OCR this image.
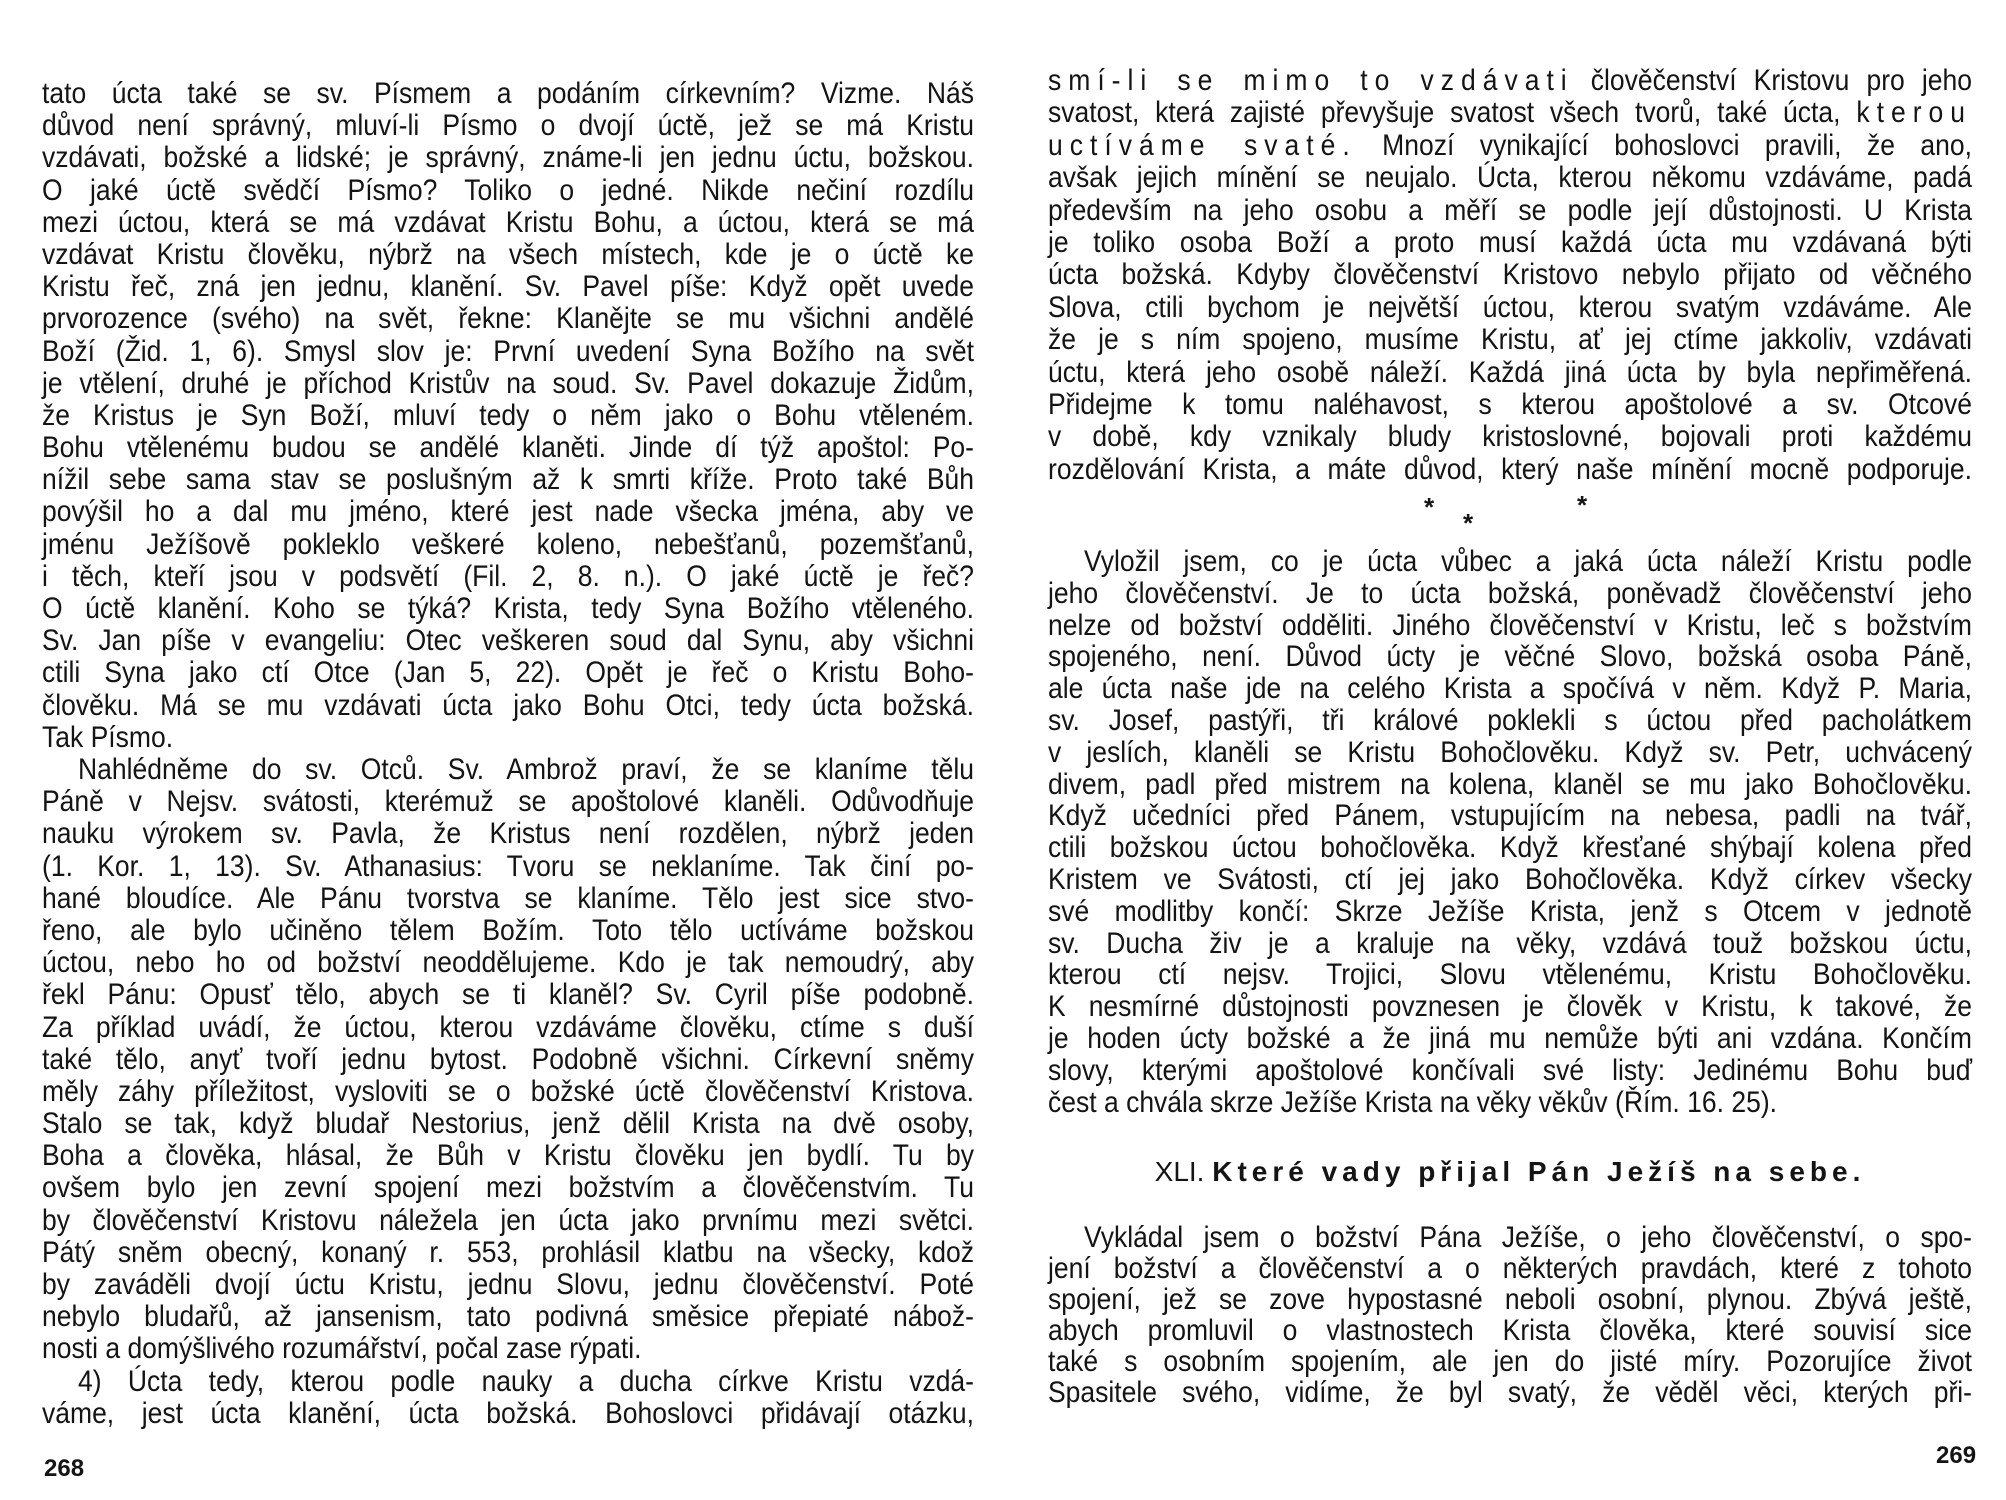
tato úcta také se sv. Písmem a podáním církevním? Vizme. Náš
důvod není správný, mluví-li Písmo o dvojí úctě, jež se má Kristu
vzdávati, božské a lidské; je správný, známe-li jen jednu úctu, božskou.
O jaké úctě svědčí Písmo? Toliko o jedné. Nikde nečiní rozdílu
mezi úctou, která se má vzdávat Kristu Bohu, a úctou, která se má
vzdávat Kristu člověku, nýbrž na všech místech, kde je o úctě ke
Kristu řeč, zná jen jednu, klanění. Sv. Pavel píše: Když opět uvede
prvorozence (svého) na svět, řekne: Klanějte se mu všichni andělé
Boží (Žid. 1, 6). Smysl slov je: První uvedení Syna Božího na svět
je vtělení, druhé je příchod Kristův na soud. Sv. Pavel dokazuje Židům,
že Kristus je Syn Boží, mluví tedy o něm jako o Bohu vtěleném.
Bohu vtělenému budou se andělé klaněti. Jinde dí týž apoštol: Po-
nížil sebe sama stav se poslušným až k smrti kříže. Proto také Bůh
povýšil ho a dal mu jméno, které jest nade všecka jména, aby ve
jménu Ježíšově pokleklo veškeré koleno, nebešťanů, pozemšťanů,
i těch, kteří jsou v podsvětí (Fil. 2, 8. n.). O jaké úctě je řeč?
O úctě klanění. Koho se týká? Krista, tedy Syna Božího vtěleného.
Sv. Jan píše v evangeliu: Otec veškeren soud dal Synu, aby všichni
ctili Syna jako ctí Otce (Jan 5, 22). Opět je řeč o Kristu Boho-
člověku. Má se mu vzdávati úcta jako Bohu Otci, tedy úcta božská.
Tak Písmo.
Nahlédněme do sv. Otců. Sv. Ambrož praví, že se klaníme tělu
Páně v Nejsv. svátosti, kterémuž se apoštolové klaněli. Odůvodňuje
nauku výrokem sv. Pavla, že Kristus není rozdělen, nýbrž jeden
(1. Kor. 1, 13). Sv. Athanasius: Tvoru se neklaníme. Tak činí po-
hané bloudíce. Ale Pánu tvorstva se klaníme. Tělo jest sice stvo-
řeno, ale bylo učiněno tělem Božím. Toto tělo uctíváme božskou
úctou, nebo ho od božství neoddělujeme. Kdo je tak nemoudrý, aby
řekl Pánu: Opusť tělo, abych se ti klaněl? Sv. Cyril píše podobně.
Za příklad uvádí, že úctou, kterou vzdáváme člověku, ctíme s duší
také tělo, anyť tvoří jednu bytost. Podobně všichni. Církevní sněmy
měly záhy příležitost, vysloviti se o božské úctě člověčenství Kristova.
Stalo se tak, když bludař Nestorius, jenž dělil Krista na dvě osoby,
Boha a člověka, hlásal, že Bůh v Kristu člověku jen bydlí. Tu by
ovšem bylo jen zevní spojení mezi božstvím a člověčenstvím. Tu
by člověčenství Kristovu náležela jen úcta jako prvnímu mezi světci.
Pátý sněm obecný, konaný r. 553, prohlásil klatbu na všecky, kdož
by zaváděli dvojí úctu Kristu, jednu Slovu, jednu člověčenství. Poté
nebylo bludařů, až jansenism, tato podivná směsice přepiaté nábož-
nosti a domýšlivého rozumářství, počal zase rýpati.
4) Úcta tedy, kterou podle nauky a ducha církve Kristu vzdá-
váme, jest úcta klanění, úcta božská. Bohoslovci přidávají otázku,
268
smí-li se mimo to vzdávati člověčenství Kristovu pro jeho
svatost, která zajisté převyšuje svatost všech tvorů, také úcta, kterou
uctíváme svaté. Mnozí vynikající bohoslovci pravili, že ano,
avšak jejich mínění se neujalo. Úcta, kterou někomu vzdáváme, padá
především na jeho osobu a měří se podle její důstojnosti. U Krista
je toliko osoba Boží a proto musí každá úcta mu vzdávaná býti
úcta božská. Kdyby člověčenství Kristovo nebylo přijato od věčného
Slova, ctili bychom je největší úctou, kterou svatým vzdáváme. Ale
že je s ním spojeno, musíme Kristu, ať jej ctíme jakkoliv, vzdávati
úctu, která jeho osobě náleží. Každá jiná úcta by byla nepřiměřená.
Přidejme k tomu naléhavost, s kterou apoštolové a sv. Otcové
v době, kdy vznikaly bludy kristoslovné, bojovali proti každému
rozdělování Krista, a máte důvod, který naše mínění mocně podporuje.
Vyložil jsem, co je úcta vůbec a jaká úcta náleží Kristu podle
jeho člověčenství. Je to úcta božská, poněvadž člověčenství jeho
nelze od božství odděliti. Jiného člověčenství v Kristu, leč s božstvím
spojeného, není. Důvod úcty je věčné Slovo, božská osoba Páně,
ale úcta naše jde na celého Krista a spočívá v něm. Když P. Maria,
sv. Josef, pastýři, tři králové poklekli s úctou před pacholátkem
v jeslích, klaněli se Kristu Bohočlověku. Když sv. Petr, uchvácený
divem, padl před mistrem na kolena, klaněl se mu jako Bohočlověku.
Když učedníci před Pánem, vstupujícím na nebesa, padli na tvář,
ctili božskou úctou bohočlověka. Když křesťané shýbají kolena před
Kristem ve Svátosti, ctí jej jako Bohočlověka. Když církev všecky
své modlitby končí: Skrze Ježíše Krista, jenž s Otcem v jednotě
sv. Ducha živ je a kraluje na věky, vzdává touž božskou úctu,
kterou ctí nejsv. Trojici, Slovu vtělenému, Kristu Bohočlověku.
K nesmírné důstojnosti povznesen je člověk v Kristu, k takové, že
je hoden úcty božské a že jiná mu nemůže býti ani vzdána. Končím
slovy, kterými apoštolové končívali své listy: Jedinému Bohu buď
čest a chvála skrze Ježíše Krista na věky věkův (Řím. 16. 25).
Vykládal jsem o božství Pána Ježíše, o jeho člověčenství, o spo-
jení božství a člověčenství a o některých pravdách, které z tohoto
spojení, jež se zove hypostasné neboli osobní, plynou. Zbývá ještě,
abych promluvil o vlastnostech Krista člověka, které souvisí sice
také s osobním spojením, ale jen do jisté míry. Pozorujíce život
Spasitele svého, vidíme, že byl svatý, že věděl věci, kterých při-
*
*
*
XLI. Které vady přijal Pán Ježíš na sebe.
269
